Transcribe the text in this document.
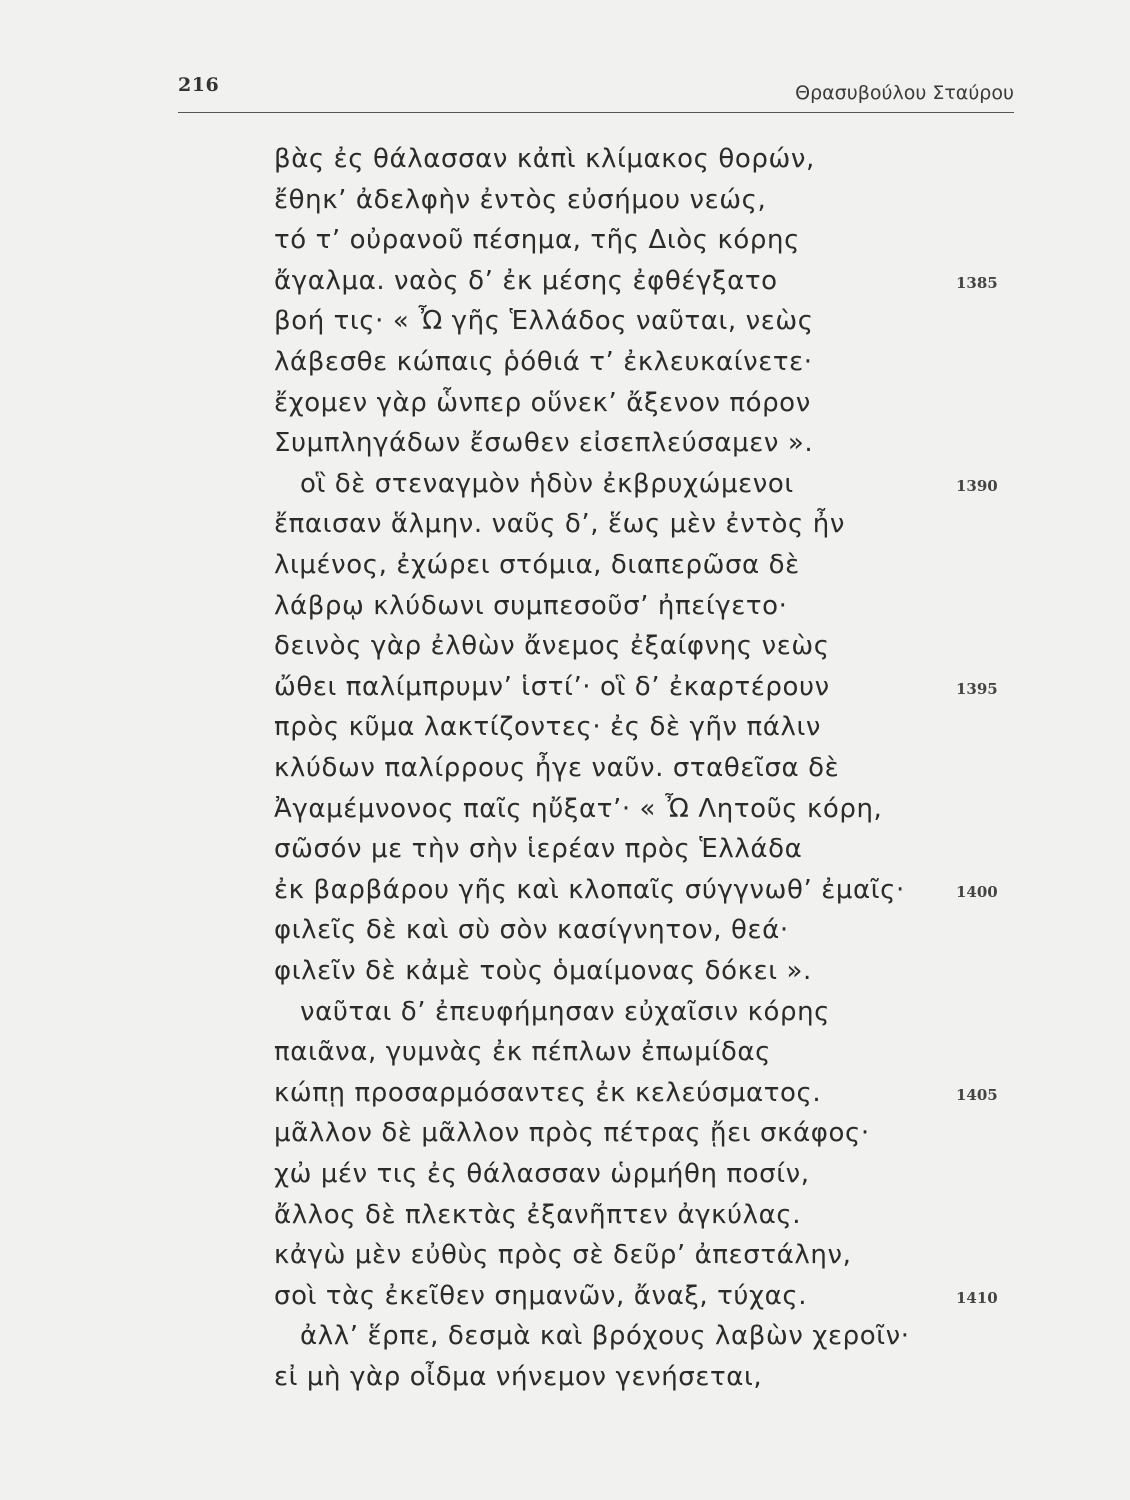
216	Θρασυβούλου Σταύρου
βὰς ἐς θάλασσαν κἀπὶ κλίμακος θορών,
ἔθηκ’ ἀδελφὴν ἐντὸς εὐσήμου νεώς,
τό τ’ οὐρανοῦ πέσημα, τῆς Διὸς κόρης
ἄγαλμα. ναὸς δ’ ἐκ μέσης ἐφθέγξατο	1385
βοή τις· « Ὦ γῆς Ἑλλάδος ναῦται, νεὼς
λάβεσθε κώπαις ῥόθιά τ’ ἐκλευκαίνετε·
ἔχομεν γὰρ ὧνπερ οὕνεκ’ ἄξενον πόρον
Συμπληγάδων ἔσωθεν εἰσεπλεύσαμεν ».
οἳ δὲ στεναγμὸν ἡδὺν ἐκβρυχώμενοι	1390
ἔπαισαν ἅλμην. ναῦς δ’, ἕως μὲν ἐντὸς ἦν
λιμένος, ἐχώρει στόμια, διαπερῶσα δὲ
λάβρῳ κλύδωνι συμπεσοῦσ’ ἠπείγετο·
δεινὸς γὰρ ἐλθὼν ἄνεμος ἐξαίφνης νεὼς
ὤθει παλίμπρυμν’ ἱστί’· οἳ δ’ ἐκαρτέρουν	1395
πρὸς κῦμα λακτίζοντες· ἐς δὲ γῆν πάλιν
κλύδων παλίρρους ἦγε ναῦν. σταθεῖσα δὲ
Ἀγαμέμνονος παῖς ηὔξατ’· « Ὦ Λητοῦς κόρη,
σῶσόν με τὴν σὴν ἱερέαν πρὸς Ἑλλάδα
ἐκ βαρβάρου γῆς καὶ κλοπαῖς σύγγνωθ’ ἐμαῖς·	1400
φιλεῖς δὲ καὶ σὺ σὸν κασίγνητον, θεά·
φιλεῖν δὲ κἀμὲ τοὺς ὁμαίμονας δόκει ».
ναῦται δ’ ἐπευφήμησαν εὐχαῖσιν κόρης
παιᾶνα, γυμνὰς ἐκ πέπλων ἐπωμίδας
κώπῃ προσαρμόσαντες ἐκ κελεύσματος.	1405
μᾶλλον δὲ μᾶλλον πρὸς πέτρας ᾔει σκάφος·
χὠ μέν τις ἐς θάλασσαν ὡρμήθη ποσίν,
ἄλλος δὲ πλεκτὰς ἐξανῆπτεν ἀγκύλας.
κἀγὼ μὲν εὐθὺς πρὸς σὲ δεῦρ’ ἀπεστάλην,
σοὶ τὰς ἐκεῖθεν σημανῶν, ἄναξ, τύχας.	1410
ἀλλ’ ἕρπε, δεσμὰ καὶ βρόχους λαβὼν χεροῖν·
εἰ μὴ γὰρ οἶδμα νήνεμον γενήσεται,
